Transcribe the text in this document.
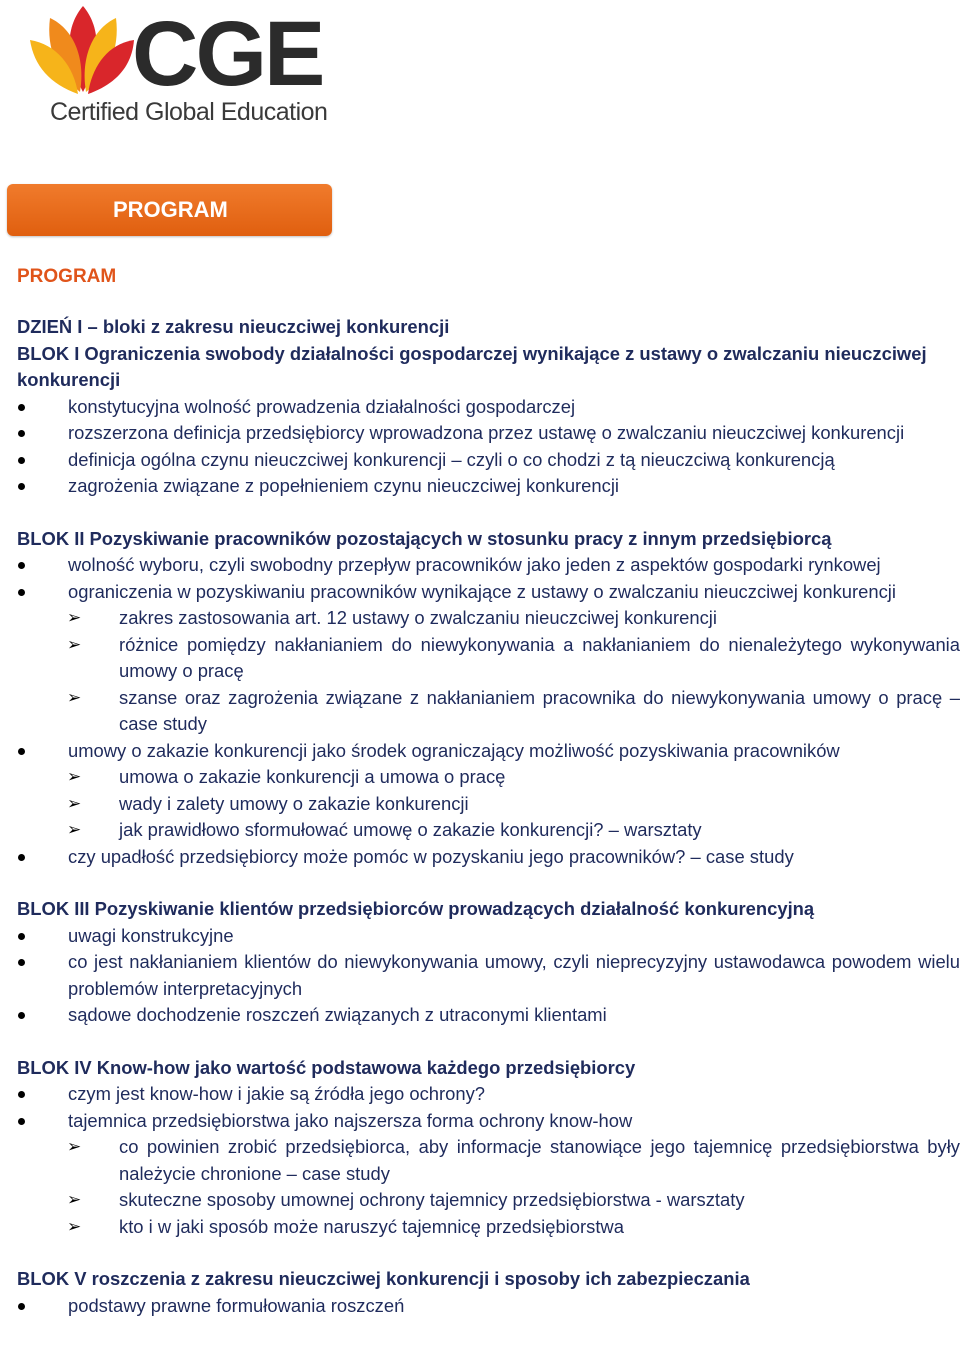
CGE
Certified Global Education
PROGRAM
PROGRAM
DZIEŃ I – bloki z zakresu nieuczciwej konkurencji
BLOK I Ograniczenia swobody działalności gospodarczej wynikające z ustawy o zwalczaniu nieuczciwej konkurencji
konstytucyjna wolność prowadzenia działalności gospodarczej
rozszerzona definicja przedsiębiorcy wprowadzona przez ustawę o zwalczaniu nieuczciwej konkurencji
definicja ogólna czynu nieuczciwej konkurencji – czyli o co chodzi z tą nieuczciwą konkurencją
zagrożenia związane z popełnieniem czynu nieuczciwej konkurencji
BLOK II Pozyskiwanie pracowników pozostających w stosunku pracy z innym przedsiębiorcą
wolność wyboru, czyli swobodny przepływ pracowników jako jeden z aspektów gospodarki rynkowej
ograniczenia w pozyskiwaniu pracowników wynikające z ustawy o zwalczaniu nieuczciwej konkurencji
➢ zakres zastosowania art. 12 ustawy o zwalczaniu nieuczciwej konkurencji
➢ różnice pomiędzy nakłanianiem do niewykonywania a nakłanianiem do nienależytego wykonywania umowy o pracę
➢ szanse oraz zagrożenia związane z nakłanianiem pracownika do niewykonywania umowy o pracę – case study
umowy o zakazie konkurencji jako środek ograniczający możliwość pozyskiwania pracowników
➢ umowa o zakazie konkurencji a umowa o pracę
➢ wady i zalety umowy o zakazie konkurencji
➢ jak prawidłowo sformułować umowę o zakazie konkurencji? – warsztaty
czy upadłość przedsiębiorcy może pomóc w pozyskaniu jego pracowników? – case study
BLOK III Pozyskiwanie klientów przedsiębiorców prowadzących działalność konkurencyjną
uwagi konstrukcyjne
co jest nakłanianiem klientów do niewykonywania umowy, czyli nieprecyzyjny ustawodawca powodem wielu problemów interpretacyjnych
sądowe dochodzenie roszczeń związanych z utraconymi klientami
BLOK IV Know-how jako wartość podstawowa każdego przedsiębiorcy
czym jest know-how i jakie są źródła jego ochrony?
tajemnica przedsiębiorstwa jako najszersza forma ochrony know-how
➢ co powinien zrobić przedsiębiorca, aby informacje stanowiące jego tajemnicę przedsiębiorstwa były należycie chronione – case study
➢ skuteczne sposoby umownej ochrony tajemnicy przedsiębiorstwa - warsztaty
➢ kto i w jaki sposób może naruszyć tajemnicę przedsiębiorstwa
BLOK V roszczenia z zakresu nieuczciwej konkurencji i sposoby ich zabezpieczania
podstawy prawne formułowania roszczeń
